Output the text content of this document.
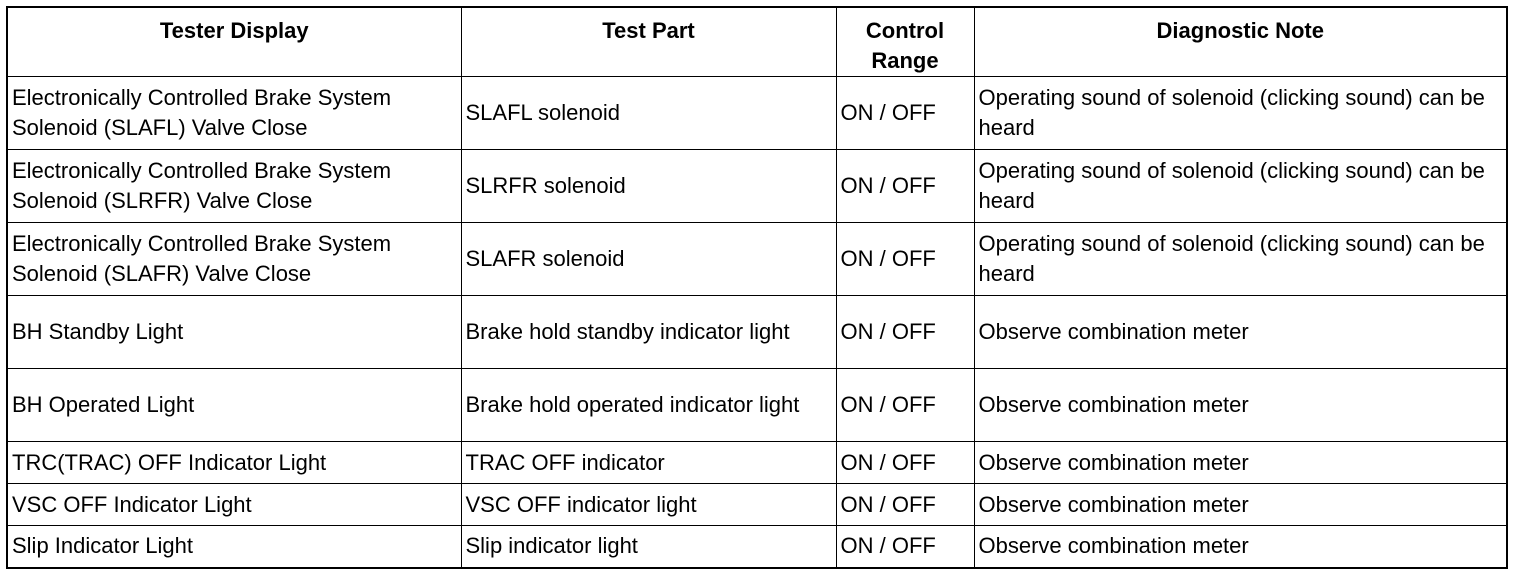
Tester Display	Test Part	Control Range	Diagnostic Note
Electronically Controlled Brake System Solenoid (SLAFL) Valve Close	SLAFL solenoid	ON / OFF	Operating sound of solenoid (clicking sound) can be heard
Electronically Controlled Brake System Solenoid (SLRFR) Valve Close	SLRFR solenoid	ON / OFF	Operating sound of solenoid (clicking sound) can be heard
Electronically Controlled Brake System Solenoid (SLAFR) Valve Close	SLAFR solenoid	ON / OFF	Operating sound of solenoid (clicking sound) can be heard
BH Standby Light	Brake hold standby indicator light	ON / OFF	Observe combination meter
BH Operated Light	Brake hold operated indicator light	ON / OFF	Observe combination meter
TRC(TRAC) OFF Indicator Light	TRAC OFF indicator	ON / OFF	Observe combination meter
VSC OFF Indicator Light	VSC OFF indicator light	ON / OFF	Observe combination meter
Slip Indicator Light	Slip indicator light	ON / OFF	Observe combination meter
